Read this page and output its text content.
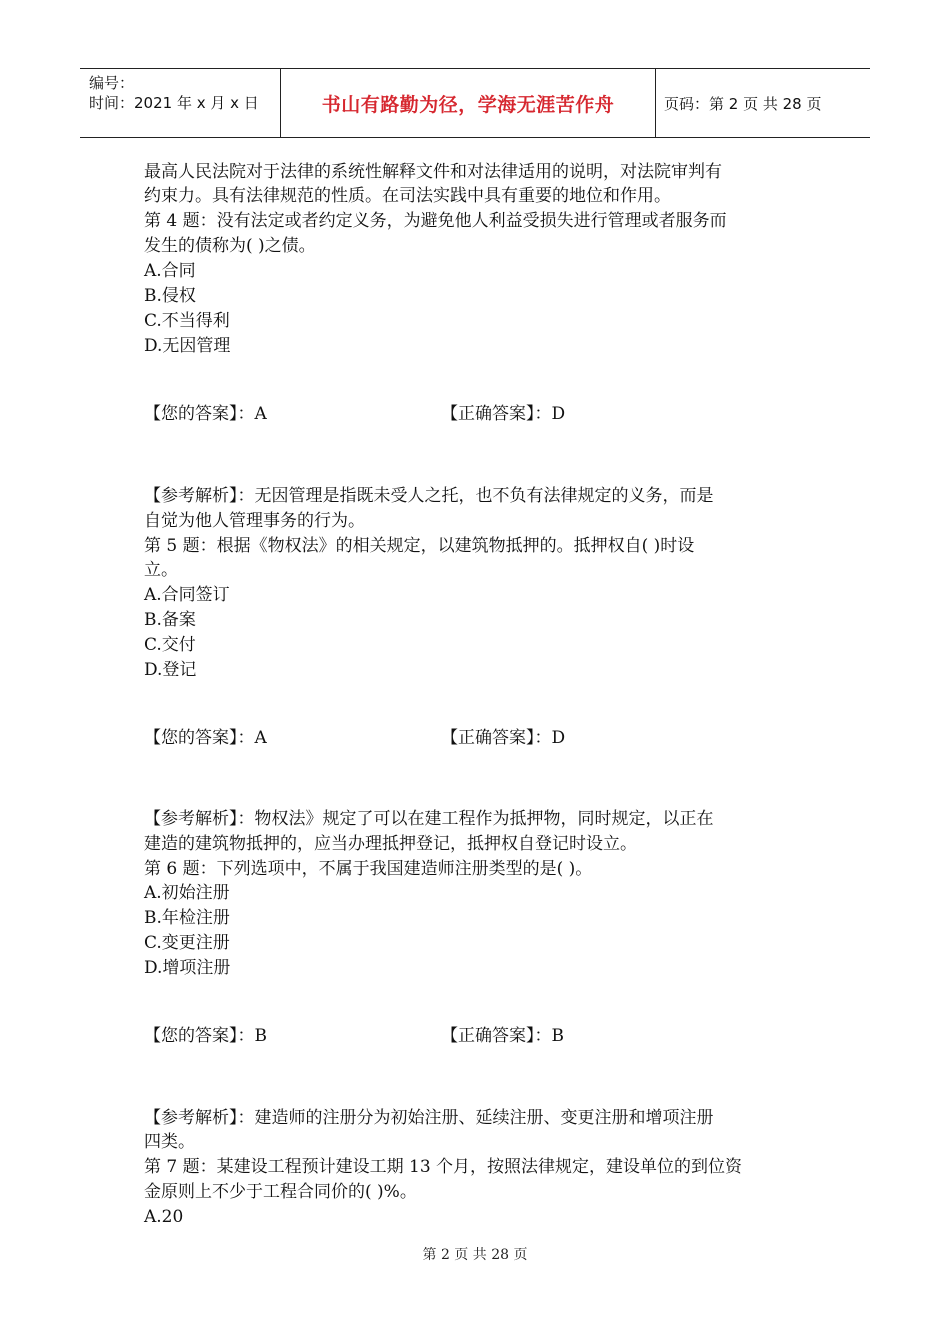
编号：
时间：2021 年 x 月 x 日	书山有路勤为径，学海无涯苦作舟	页码：第 2 页 共 28 页
最高人民法院对于法律的系统性解释文件和对法律适用的说明，对法院审判有
约束力。具有法律规范的性质。在司法实践中具有重要的地位和作用。
第 4 题：没有法定或者约定义务，为避免他人利益受损失进行管理或者服务而
发生的债称为( )之债。
A.合同
B.侵权
C.不当得利
D.无因管理
【您的答案】：A	【正确答案】：D
【参考解析】：无因管理是指既未受人之托，也不负有法律规定的义务，而是
自觉为他人管理事务的行为。
第 5 题：根据《物权法》的相关规定，以建筑物抵押的。抵押权自( )时设
立。
A.合同签订
B.备案
C.交付
D.登记
【您的答案】：A	【正确答案】：D
【参考解析】：物权法》规定了可以在建工程作为抵押物，同时规定，以正在
建造的建筑物抵押的，应当办理抵押登记，抵押权自登记时设立。
第 6 题：下列选项中，不属于我国建造师注册类型的是( )。
A.初始注册
B.年检注册
C.变更注册
D.增项注册
【您的答案】：B	【正确答案】：B
【参考解析】：建造师的注册分为初始注册、延续注册、变更注册和增项注册
四类。
第 7 题：某建设工程预计建设工期 13 个月，按照法律规定，建设单位的到位资
金原则上不少于工程合同价的( )%。
A.20
第 2 页 共 28 页
